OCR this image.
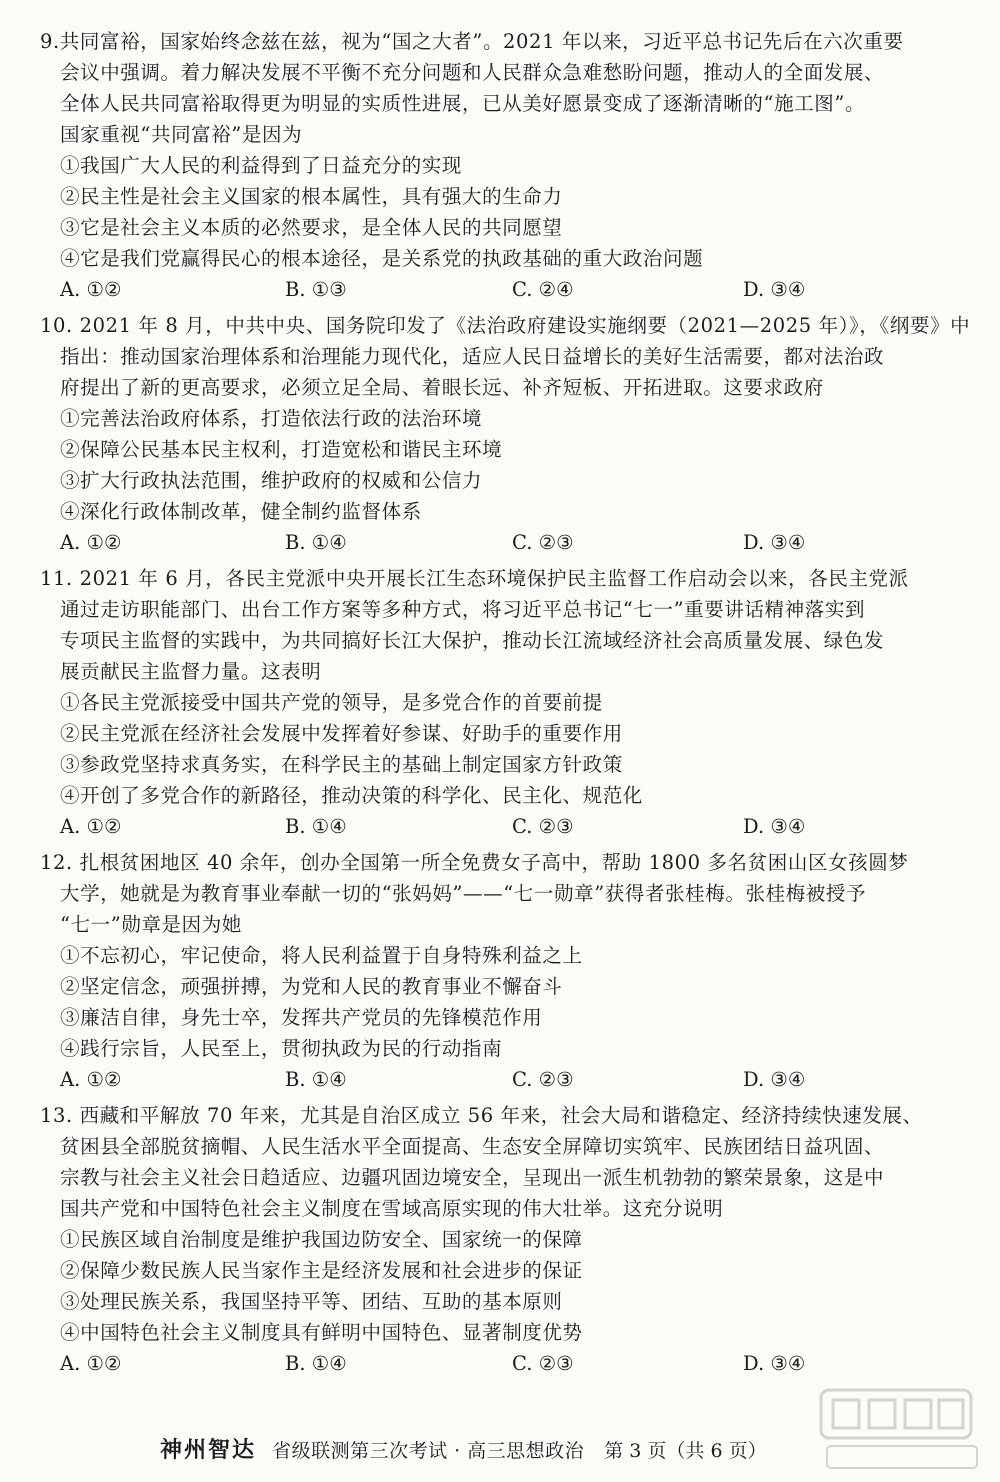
9.共同富裕，国家始终念兹在兹，视为“国之大者”。2021 年以来，习近平总书记先后在六次重要
会议中强调。着力解决发展不平衡不充分问题和人民群众急难愁盼问题，推动人的全面发展、
全体人民共同富裕取得更为明显的实质性进展，已从美好愿景变成了逐渐清晰的“施工图”。
国家重视“共同富裕”是因为
①我国广大人民的利益得到了日益充分的实现
②民主性是社会主义国家的根本属性，具有强大的生命力
③它是社会主义本质的必然要求，是全体人民的共同愿望
④它是我们党赢得民心的根本途径，是关系党的执政基础的重大政治问题
A. ①②	B. ①③	C. ②④	D. ③④
10. 2021 年 8 月，中共中央、国务院印发了《法治政府建设实施纲要（2021—2025 年）》，《纲要》中
指出：推动国家治理体系和治理能力现代化，适应人民日益增长的美好生活需要，都对法治政
府提出了新的更高要求，必须立足全局、着眼长远、补齐短板、开拓进取。这要求政府
①完善法治政府体系，打造依法行政的法治环境
②保障公民基本民主权利，打造宽松和谐民主环境
③扩大行政执法范围，维护政府的权威和公信力
④深化行政体制改革，健全制约监督体系
A. ①②	B. ①④	C. ②③	D. ③④
11. 2021 年 6 月，各民主党派中央开展长江生态环境保护民主监督工作启动会以来，各民主党派
通过走访职能部门、出台工作方案等多种方式，将习近平总书记“七一”重要讲话精神落实到
专项民主监督的实践中，为共同搞好长江大保护，推动长江流域经济社会高质量发展、绿色发
展贡献民主监督力量。这表明
①各民主党派接受中国共产党的领导，是多党合作的首要前提
②民主党派在经济社会发展中发挥着好参谋、好助手的重要作用
③参政党坚持求真务实，在科学民主的基础上制定国家方针政策
④开创了多党合作的新路径，推动决策的科学化、民主化、规范化
A. ①②	B. ①④	C. ②③	D. ③④
12. 扎根贫困地区 40 余年，创办全国第一所全免费女子高中，帮助 1800 多名贫困山区女孩圆梦
大学，她就是为教育事业奉献一切的“张妈妈”——“七一勋章”获得者张桂梅。张桂梅被授予
“七一”勋章是因为她
①不忘初心，牢记使命，将人民利益置于自身特殊利益之上
②坚定信念，顽强拼搏，为党和人民的教育事业不懈奋斗
③廉洁自律，身先士卒，发挥共产党员的先锋模范作用
④践行宗旨，人民至上，贯彻执政为民的行动指南
A. ①②	B. ①④	C. ②③	D. ③④
13. 西藏和平解放 70 年来，尤其是自治区成立 56 年来，社会大局和谐稳定、经济持续快速发展、
贫困县全部脱贫摘帽、人民生活水平全面提高、生态安全屏障切实筑牢、民族团结日益巩固、
宗教与社会主义社会日趋适应、边疆巩固边境安全，呈现出一派生机勃勃的繁荣景象，这是中
国共产党和中国特色社会主义制度在雪域高原实现的伟大壮举。这充分说明
①民族区域自治制度是维护我国边防安全、国家统一的保障
②保障少数民族人民当家作主是经济发展和社会进步的保证
③处理民族关系，我国坚持平等、团结、互助的基本原则
④中国特色社会主义制度具有鲜明中国特色、显著制度优势
A. ①②	B. ①④	C. ②③	D. ③④
神州智达 省级联测第三次考试 · 高三思想政治 第 3 页（共 6 页）
